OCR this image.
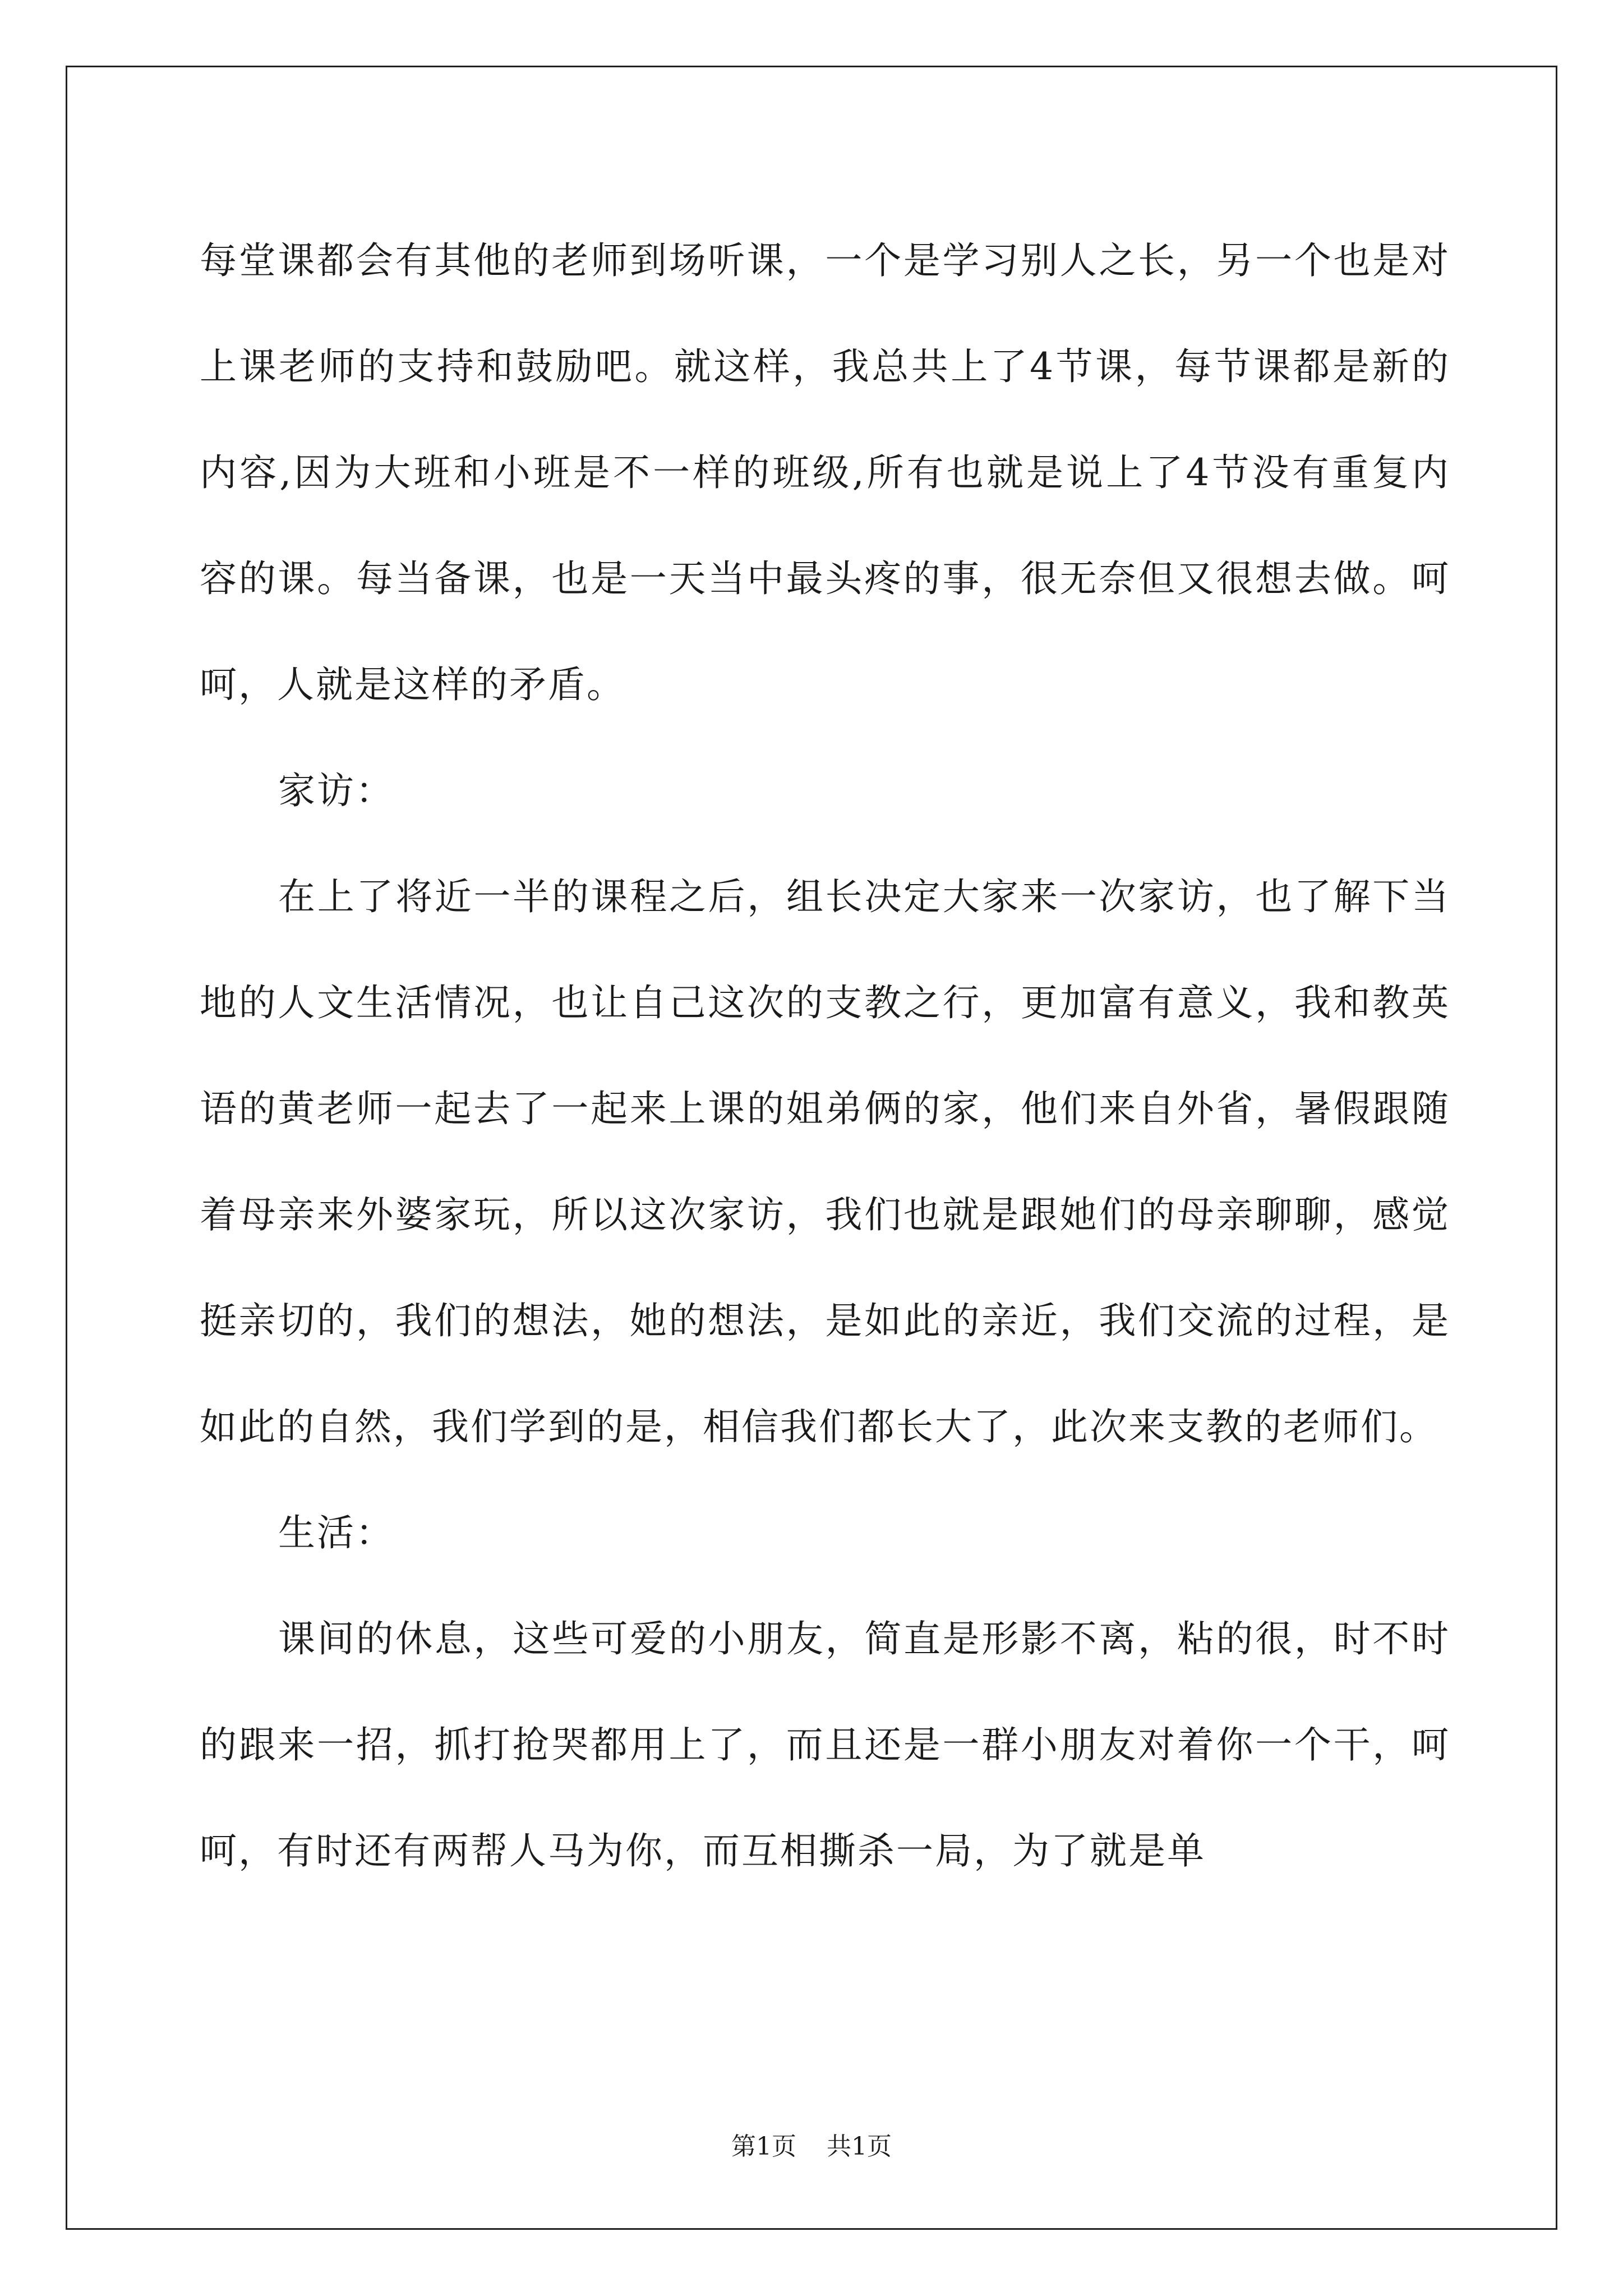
每堂课都会有其他的老师到场听课，一个是学习别人之长，另一个也是对上课老师的支持和鼓励吧。就这样，我总共上了4节课，每节课都是新的内容,因为大班和小班是不一样的班级,所有也就是说上了4节没有重复内容的课。每当备课，也是一天当中最头疼的事，很无奈但又很想去做。呵呵，人就是这样的矛盾。

家访：

在上了将近一半的课程之后，组长决定大家来一次家访，也了解下当地的人文生活情况，也让自己这次的支教之行，更加富有意义，我和教英语的黄老师一起去了一起来上课的姐弟俩的家，他们来自外省，暑假跟随着母亲来外婆家玩，所以这次家访，我们也就是跟她们的母亲聊聊，感觉挺亲切的，我们的想法，她的想法，是如此的亲近，我们交流的过程，是如此的自然，我们学到的是，相信我们都长大了，此次来支教的老师们。

生活：

课间的休息，这些可爱的小朋友，简直是形影不离，粘的很，时不时的跟来一招，抓打抢哭都用上了，而且还是一群小朋友对着你一个干，呵呵，有时还有两帮人马为你，而互相撕杀一局，为了就是单

第1页 共1页
